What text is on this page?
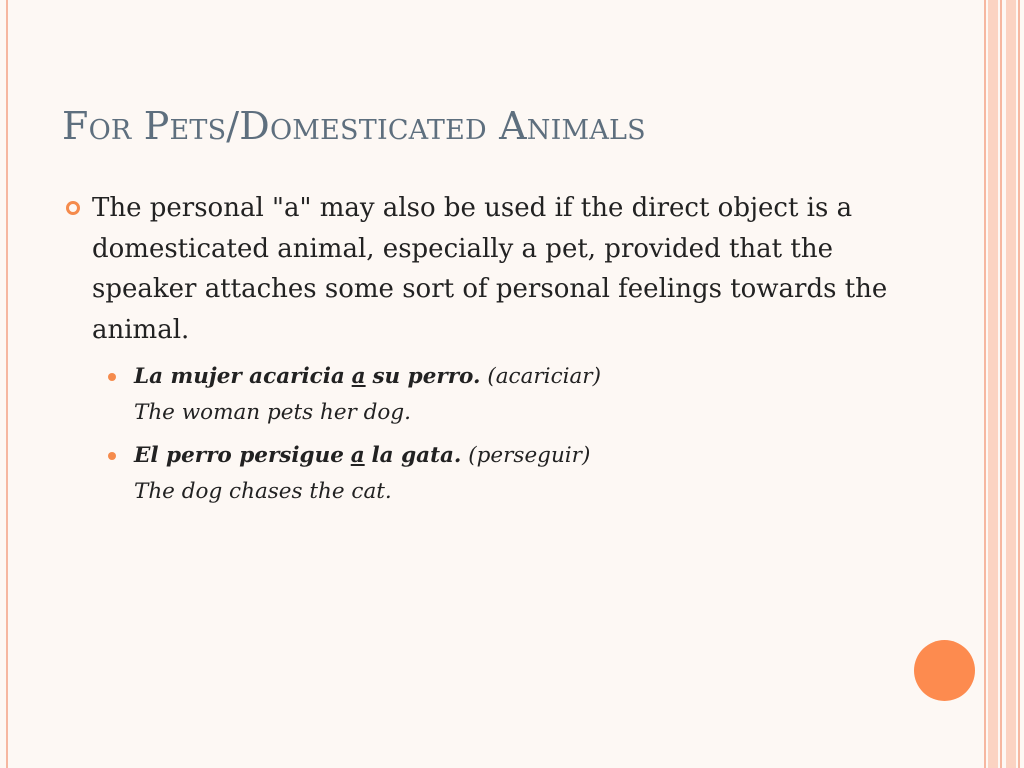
For Pets/Domesticated Animals
The personal "a" may also be used if the direct object is a domesticated animal, especially a pet, provided that the speaker attaches some sort of personal feelings towards the animal.
La mujer acaricia a su perro. (acariciar)
The woman pets her dog.
El perro persigue a la gata. (perseguir)
The dog chases the cat.
